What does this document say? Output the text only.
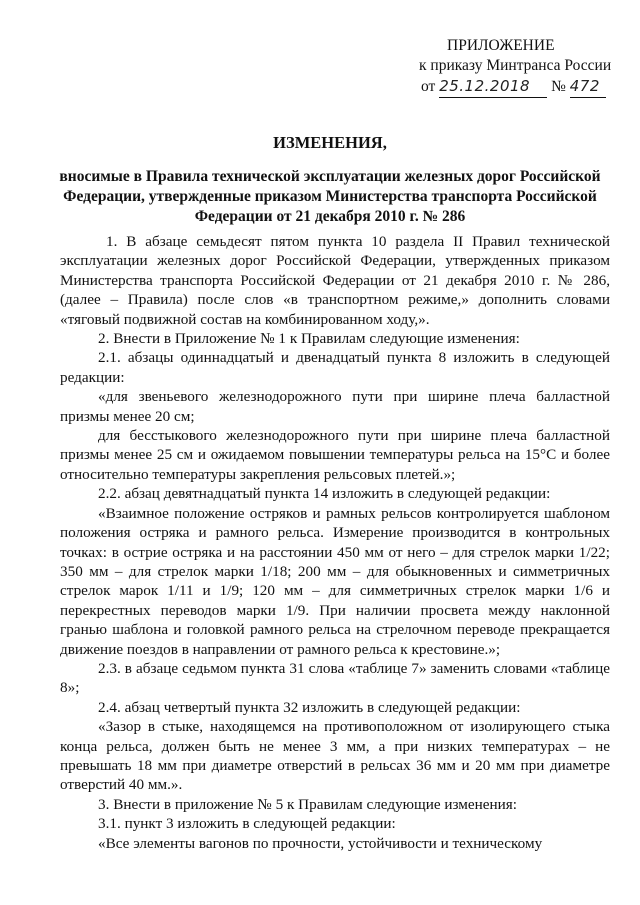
ПРИЛОЖЕНИЕ
к приказу Минтранса России
от 25.12.2018 № 472
ИЗМЕНЕНИЯ,
вносимые в Правила технической эксплуатации железных дорог Российской
Федерации, утвержденные приказом Министерства транспорта Российской
Федерации от 21 декабря 2010 г. № 286

1. В абзаце семьдесят пятом пункта 10 раздела II Правил технической эксплуатации железных дорог Российской Федерации, утвержденных приказом Министерства транспорта Российской Федерации от 21 декабря 2010 г. № 286, (далее – Правила) после слов «в транспортном режиме,» дополнить словами «тяговый подвижной состав на комбинированном ходу,».

2. Внести в Приложение № 1 к Правилам следующие изменения:

2.1. абзацы одиннадцатый и двенадцатый пункта 8 изложить в следующей редакции:

«для звеньевого железнодорожного пути при ширине плеча балластной призмы менее 20 см;

для бесстыкового железнодорожного пути при ширине плеча балластной призмы менее 25 см и ожидаемом повышении температуры рельса на 15°С и более относительно температуры закрепления рельсовых плетей.»;

2.2. абзац девятнадцатый пункта 14 изложить в следующей редакции:

«Взаимное положение остряков и рамных рельсов контролируется шаблоном положения остряка и рамного рельса. Измерение производится в контрольных точках: в острие остряка и на расстоянии 450 мм от него – для стрелок марки 1/22; 350 мм – для стрелок марки 1/18; 200 мм – для обыкновенных и симметричных стрелок марок 1/11 и 1/9; 120 мм – для симметричных стрелок марки 1/6 и перекрестных переводов марки 1/9. При наличии просвета между наклонной гранью шаблона и головкой рамного рельса на стрелочном переводе прекращается движение поездов в направлении от рамного рельса к крестовине.»;

2.3. в абзаце седьмом пункта 31 слова «таблице 7» заменить словами «таблице 8»;

2.4. абзац четвертый пункта 32 изложить в следующей редакции:

«Зазор в стыке, находящемся на противоположном от изолирующего стыка конца рельса, должен быть не менее 3 мм, а при низких температурах – не превышать 18 мм при диаметре отверстий в рельсах 36 мм и 20 мм при диаметре отверстий 40 мм.».

3. Внести в приложение № 5 к Правилам следующие изменения:

3.1. пункт 3 изложить в следующей редакции:

«Все элементы вагонов по прочности, устойчивости и техническому
